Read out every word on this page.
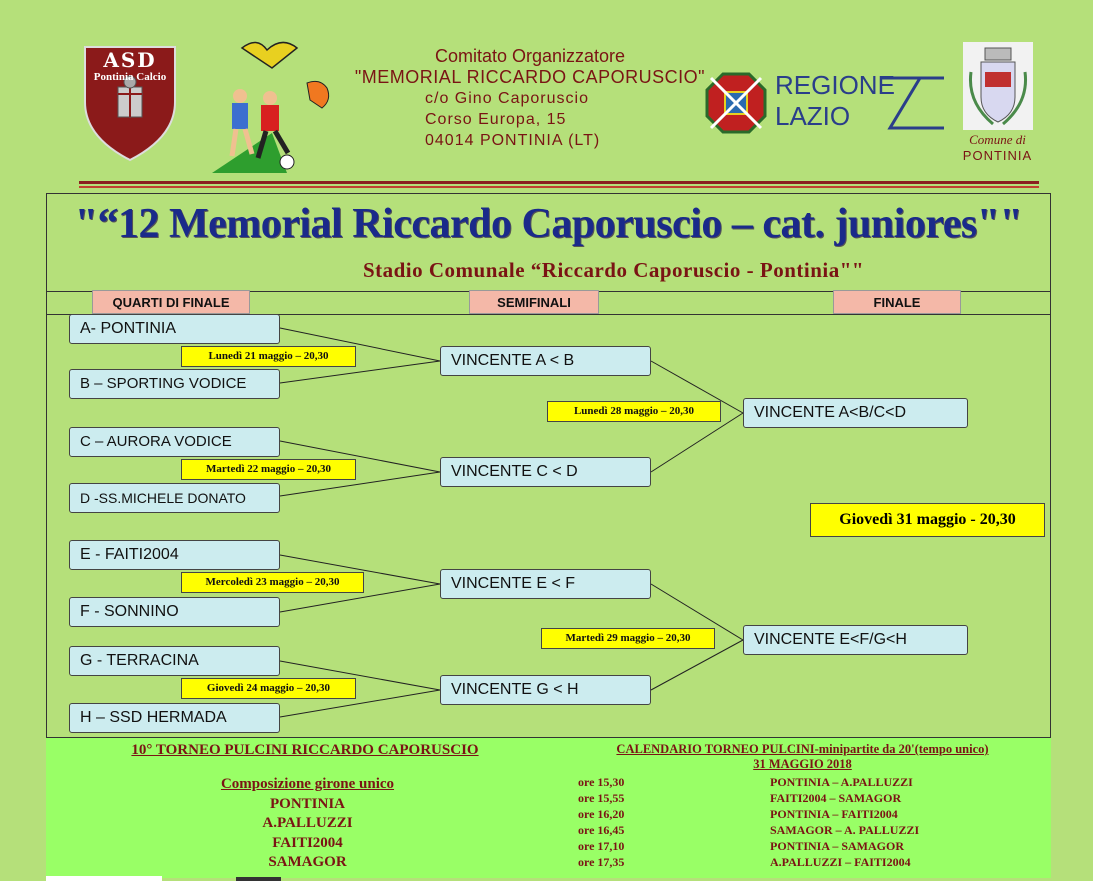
ASD
Pontinia Calcio
Comitato Organizzatore
"MEMORIAL RICCARDO CAPORUSCIO"
c/o Gino Caporuscio
Corso Europa, 15
04014 PONTINIA (LT)
REGIONE
LAZIO
Comune di
PONTINIA
"“12 Memorial Riccardo Caporuscio – cat. juniores""
Stadio Comunale “Riccardo Caporuscio - Pontinia""
QUARTI DI FINALE	SEMIFINALI	FINALE
A- PONTINIA
B – SPORTING VODICE
C – AURORA VODICE
D -SS.MICHELE DONATO
E - FAITI2004
F - SONNINO
G - TERRACINA
H – SSD HERMADA
Lunedì 21 maggio – 20,30
Martedì 22 maggio – 20,30
Mercoledì 23 maggio – 20,30
Giovedì 24 maggio – 20,30
VINCENTE A < B
VINCENTE C < D
VINCENTE E < F
VINCENTE G < H
Lunedì 28 maggio – 20,30
Martedì 29 maggio – 20,30
VINCENTE A<B/C<D
VINCENTE E<F/G<H
Giovedì 31 maggio - 20,30
10° TORNEO PULCINI RICCARDO CAPORUSCIO
Composizione girone unico
PONTINIA
A.PALLUZZI
FAITI2004
SAMAGOR
CALENDARIO TORNEO PULCINI-minipartite da 20'(tempo unico)
31 MAGGIO 2018
ore 15,30	PONTINIA – A.PALLUZZI
ore 15,55	FAITI2004 – SAMAGOR
ore 16,20	PONTINIA – FAITI2004
ore 16,45	SAMAGOR – A. PALLUZZI
ore 17,10	PONTINIA – SAMAGOR
ore 17,35	A.PALLUZZI – FAITI2004
